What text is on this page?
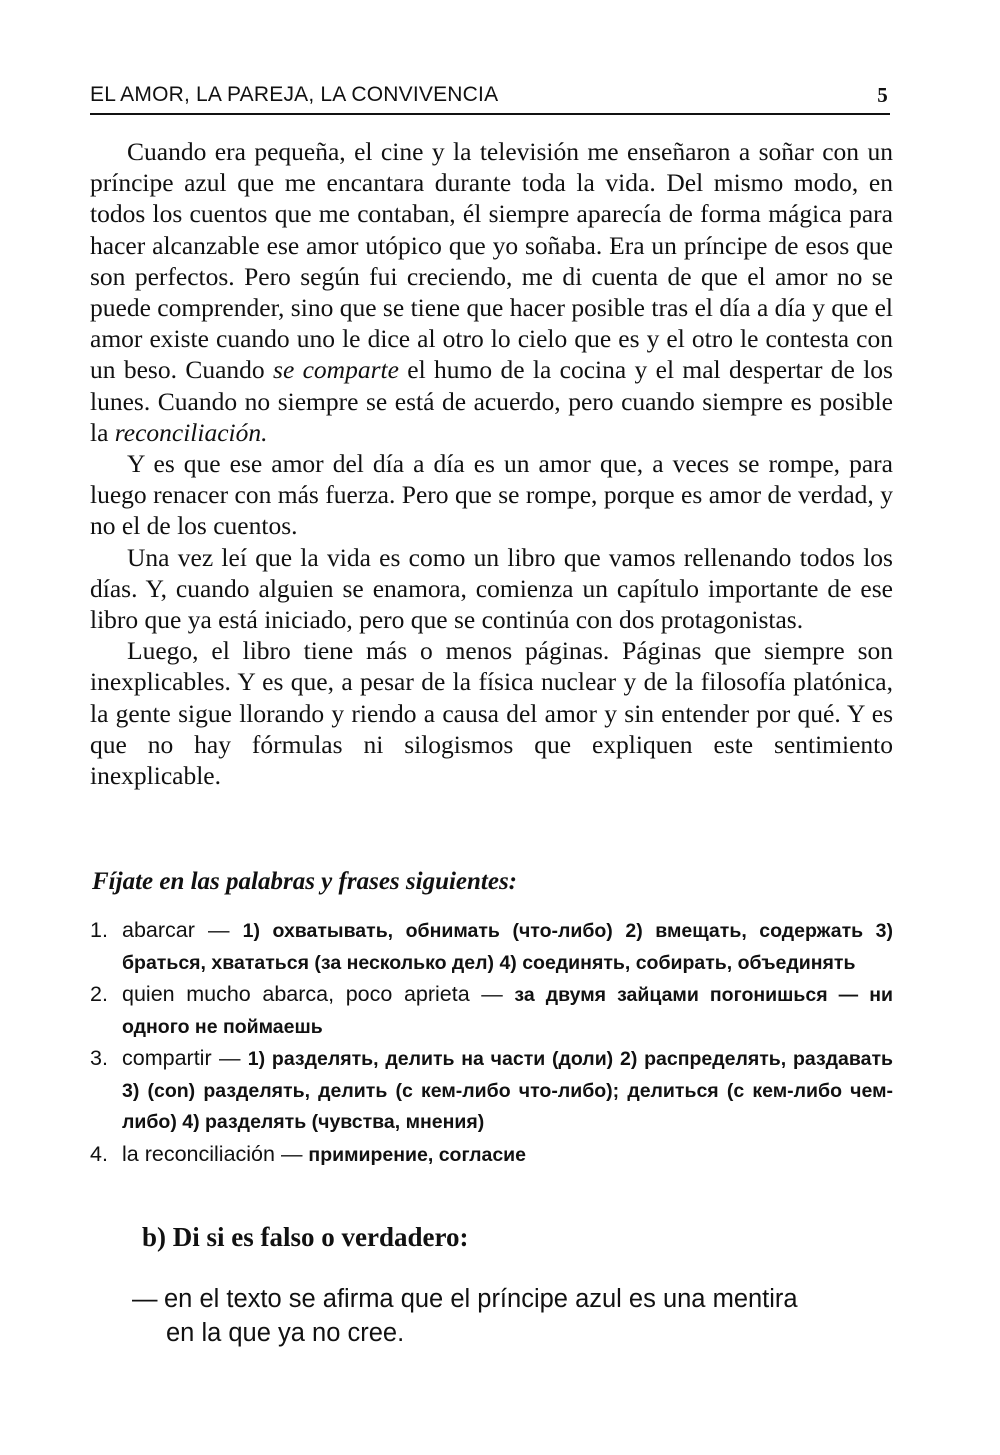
EL AMOR, LA PAREJA, LA CONVIVENCIA	5

Cuando era pequeña, el cine y la televisión me enseñaron a soñar con un príncipe azul que me encantara durante toda la vida. Del mismo modo, en todos los cuentos que me contaban, él siempre aparecía de forma mágica para hacer alcanzable ese amor utópico que yo soñaba. Era un príncipe de esos que son perfectos. Pero según fui creciendo, me di cuenta de que el amor no se puede comprender, sino que se tiene que hacer posible tras el día a día y que el amor existe cuando uno le dice al otro lo cielo que es y el otro le contesta con un beso. Cuando se comparte el humo de la cocina y el mal despertar de los lunes. Cuando no siempre se está de acuerdo, pero cuando siempre es posible la reconciliación.

Y es que ese amor del día a día es un amor que, a veces se rompe, para luego renacer con más fuerza. Pero que se rompe, porque es amor de verdad, y no el de los cuentos.

Una vez leí que la vida es como un libro que vamos rellenando todos los días. Y, cuando alguien se enamora, comienza un capítulo importante de ese libro que ya está iniciado, pero que se continúa con dos protagonistas.

Luego, el libro tiene más o menos páginas. Páginas que siempre son inexplicables. Y es que, a pesar de la física nuclear y de la filosofía platónica, la gente sigue llorando y riendo a causa del amor y sin entender por qué. Y es que no hay fórmulas ni silogismos que expliquen este sentimiento inexplicable.

Fíjate en las palabras y frases siguientes:
1. abarcar — 1) охватывать, обнимать (что-либо) 2) вмещать, содержать 3) браться, хвататься (за несколько дел) 4) соединять, собирать, объединять
2. quien mucho abarca, poco aprieta — за двумя зайцами погонишься — ни одного не поймаешь
3. compartir — 1) разделять, делить на части (доли) 2) распределять, раздавать 3) (con) разделять, делить (с кем-либо что-либо); делиться (с кем-либо чем-либо) 4) разделять (чувства, мнения)
4. la reconciliación — примирение, согласие
b) Di si es falso o verdadero:
— en el texto se afirma que el príncipe azul es una mentira
en la que ya no cree.
